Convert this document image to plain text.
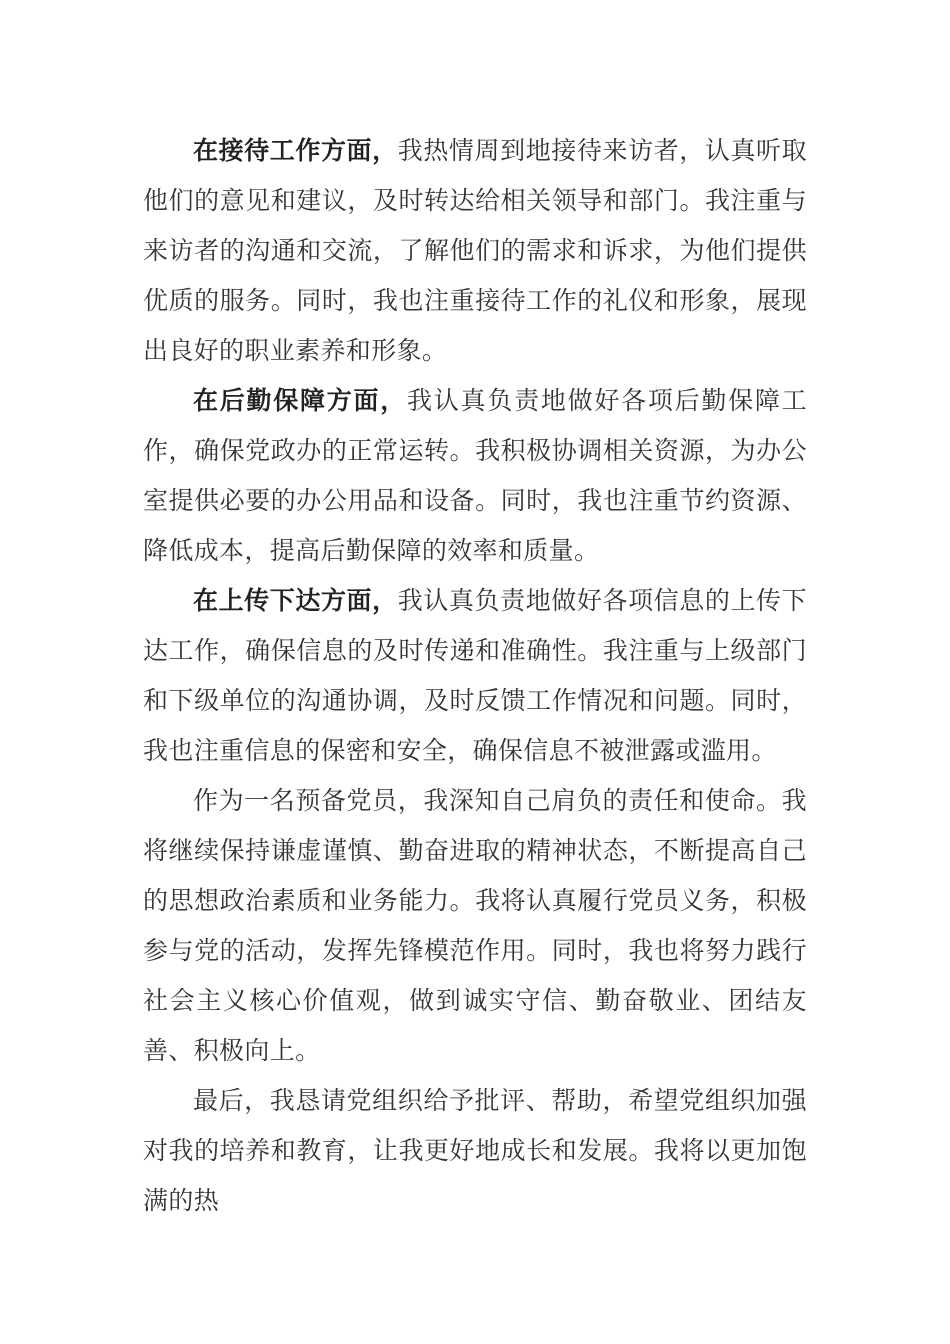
在接待工作方面，我热情周到地接待来访者，认真听取他们的意见和建议，及时转达给相关领导和部门。我注重与来访者的沟通和交流，了解他们的需求和诉求，为他们提供优质的服务。同时，我也注重接待工作的礼仪和形象，展现出良好的职业素养和形象。

在后勤保障方面，我认真负责地做好各项后勤保障工作，确保党政办的正常运转。我积极协调相关资源，为办公室提供必要的办公用品和设备。同时，我也注重节约资源、降低成本，提高后勤保障的效率和质量。

在上传下达方面，我认真负责地做好各项信息的上传下达工作，确保信息的及时传递和准确性。我注重与上级部门和下级单位的沟通协调，及时反馈工作情况和问题。同时，我也注重信息的保密和安全，确保信息不被泄露或滥用。

作为一名预备党员，我深知自己肩负的责任和使命。我将继续保持谦虚谨慎、勤奋进取的精神状态，不断提高自己的思想政治素质和业务能力。我将认真履行党员义务，积极参与党的活动，发挥先锋模范作用。同时，我也将努力践行社会主义核心价值观，做到诚实守信、勤奋敬业、团结友善、积极向上。

最后，我恳请党组织给予批评、帮助，希望党组织加强对我的培养和教育，让我更好地成长和发展。我将以更加饱满的热
